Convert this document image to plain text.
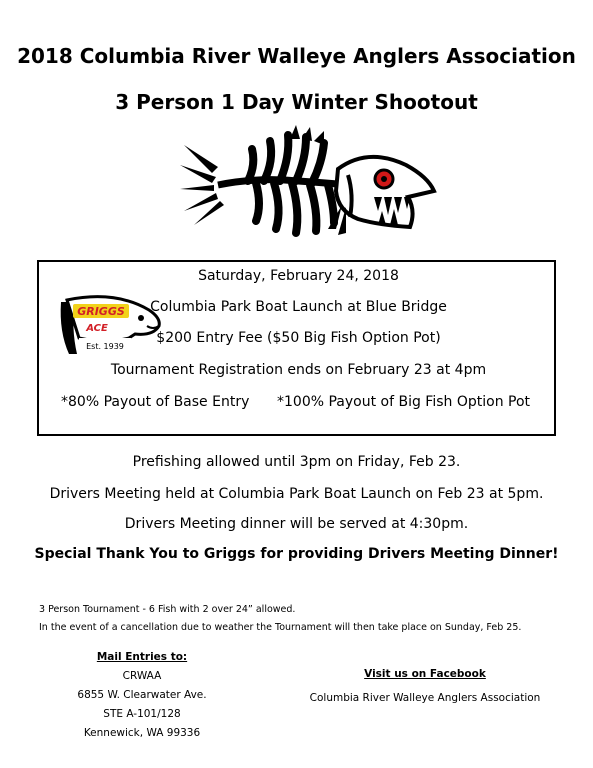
2018 Columbia River Walleye Anglers Association
3 Person 1 Day Winter Shootout
GRIGGS
ACE
Est. 1939
Saturday, February 24, 2018
Columbia Park Boat Launch at Blue Bridge
$200 Entry Fee ($50 Big Fish Option Pot)
Tournament Registration ends on February 23 at 4pm
*80% Payout of Base Entry *100% Payout of Big Fish Option Pot
Prefishing allowed until 3pm on Friday, Feb 23.
Drivers Meeting held at Columbia Park Boat Launch on Feb 23 at 5pm.
Drivers Meeting dinner will be served at 4:30pm.
Special Thank You to Griggs for providing Drivers Meeting Dinner!
3 Person Tournament - 6 Fish with 2 over 24” allowed.
In the event of a cancellation due to weather the Tournament will then take place on Sunday, Feb 25.
Mail Entries to:
CRWAA
6855 W. Clearwater Ave.
STE A-101/128
Kennewick, WA 99336
Visit us on Facebook
Columbia River Walleye Anglers Association
